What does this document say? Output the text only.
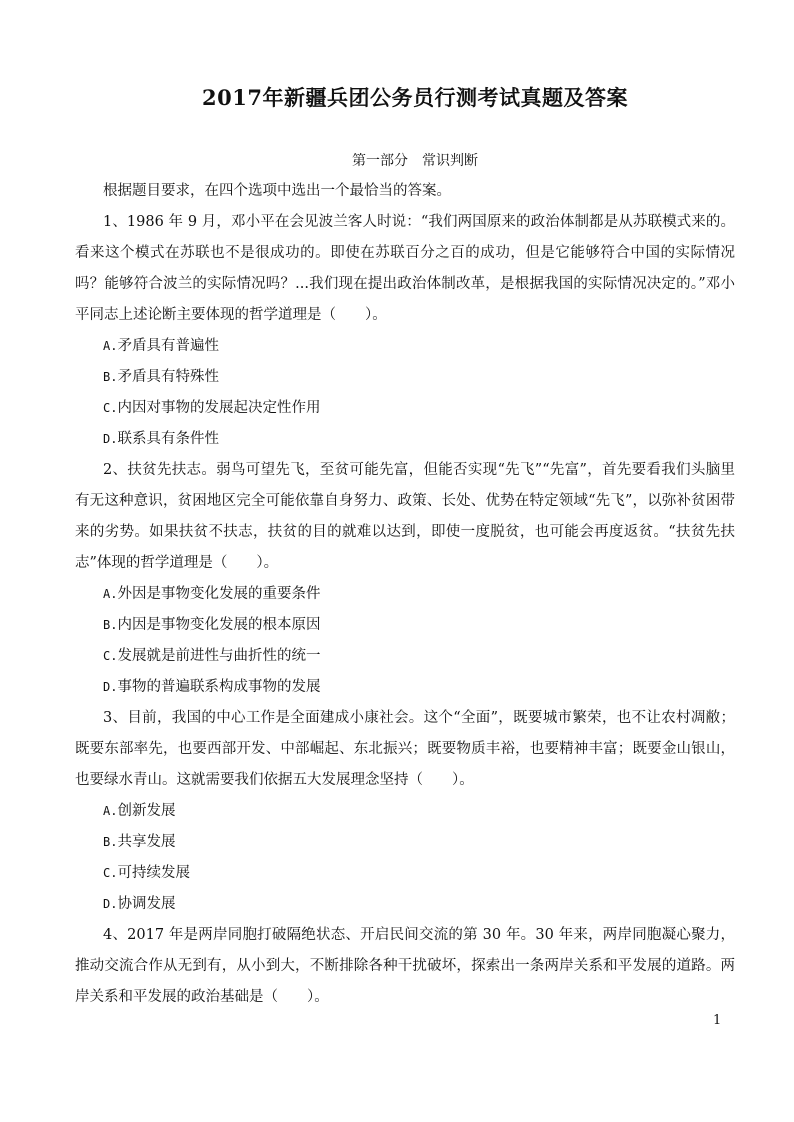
2017年新疆兵团公务员行测考试真题及答案
第一部分　常识判断

根据题目要求，在四个选项中选出一个最恰当的答案。

1、1986 年 9 月，邓小平在会见波兰客人时说：“我们两国原来的政治体制都是从苏联模式来的。看来这个模式在苏联也不是很成功的。即使在苏联百分之百的成功，但是它能够符合中国的实际情况吗？能够符合波兰的实际情况吗？...我们现在提出政治体制改革，是根据我国的实际情况决定的。”邓小平同志上述论断主要体现的哲学道理是（　　）。

A.矛盾具有普遍性

B.矛盾具有特殊性

C.内因对事物的发展起决定性作用

D.联系具有条件性

2、扶贫先扶志。弱鸟可望先飞，至贫可能先富，但能否实现“先飞”“先富”，首先要看我们头脑里有无这种意识，贫困地区完全可能依靠自身努力、政策、长处、优势在特定领域“先飞”，以弥补贫困带来的劣势。如果扶贫不扶志，扶贫的目的就难以达到，即使一度脱贫，也可能会再度返贫。“扶贫先扶志”体现的哲学道理是（　　）。

A.外因是事物变化发展的重要条件

B.内因是事物变化发展的根本原因

C.发展就是前进性与曲折性的统一

D.事物的普遍联系构成事物的发展

3、目前，我国的中心工作是全面建成小康社会。这个“全面”，既要城市繁荣，也不让农村凋敝；既要东部率先，也要西部开发、中部崛起、东北振兴；既要物质丰裕，也要精神丰富；既要金山银山，也要绿水青山。这就需要我们依据五大发展理念坚持（　　）。

A.创新发展

B.共享发展

C.可持续发展

D.协调发展

4、2017 年是两岸同胞打破隔绝状态、开启民间交流的第 30 年。30 年来，两岸同胞凝心聚力，推动交流合作从无到有，从小到大，不断排除各种干扰破坏，探索出一条两岸关系和平发展的道路。两岸关系和平发展的政治基础是（　　）。

1
